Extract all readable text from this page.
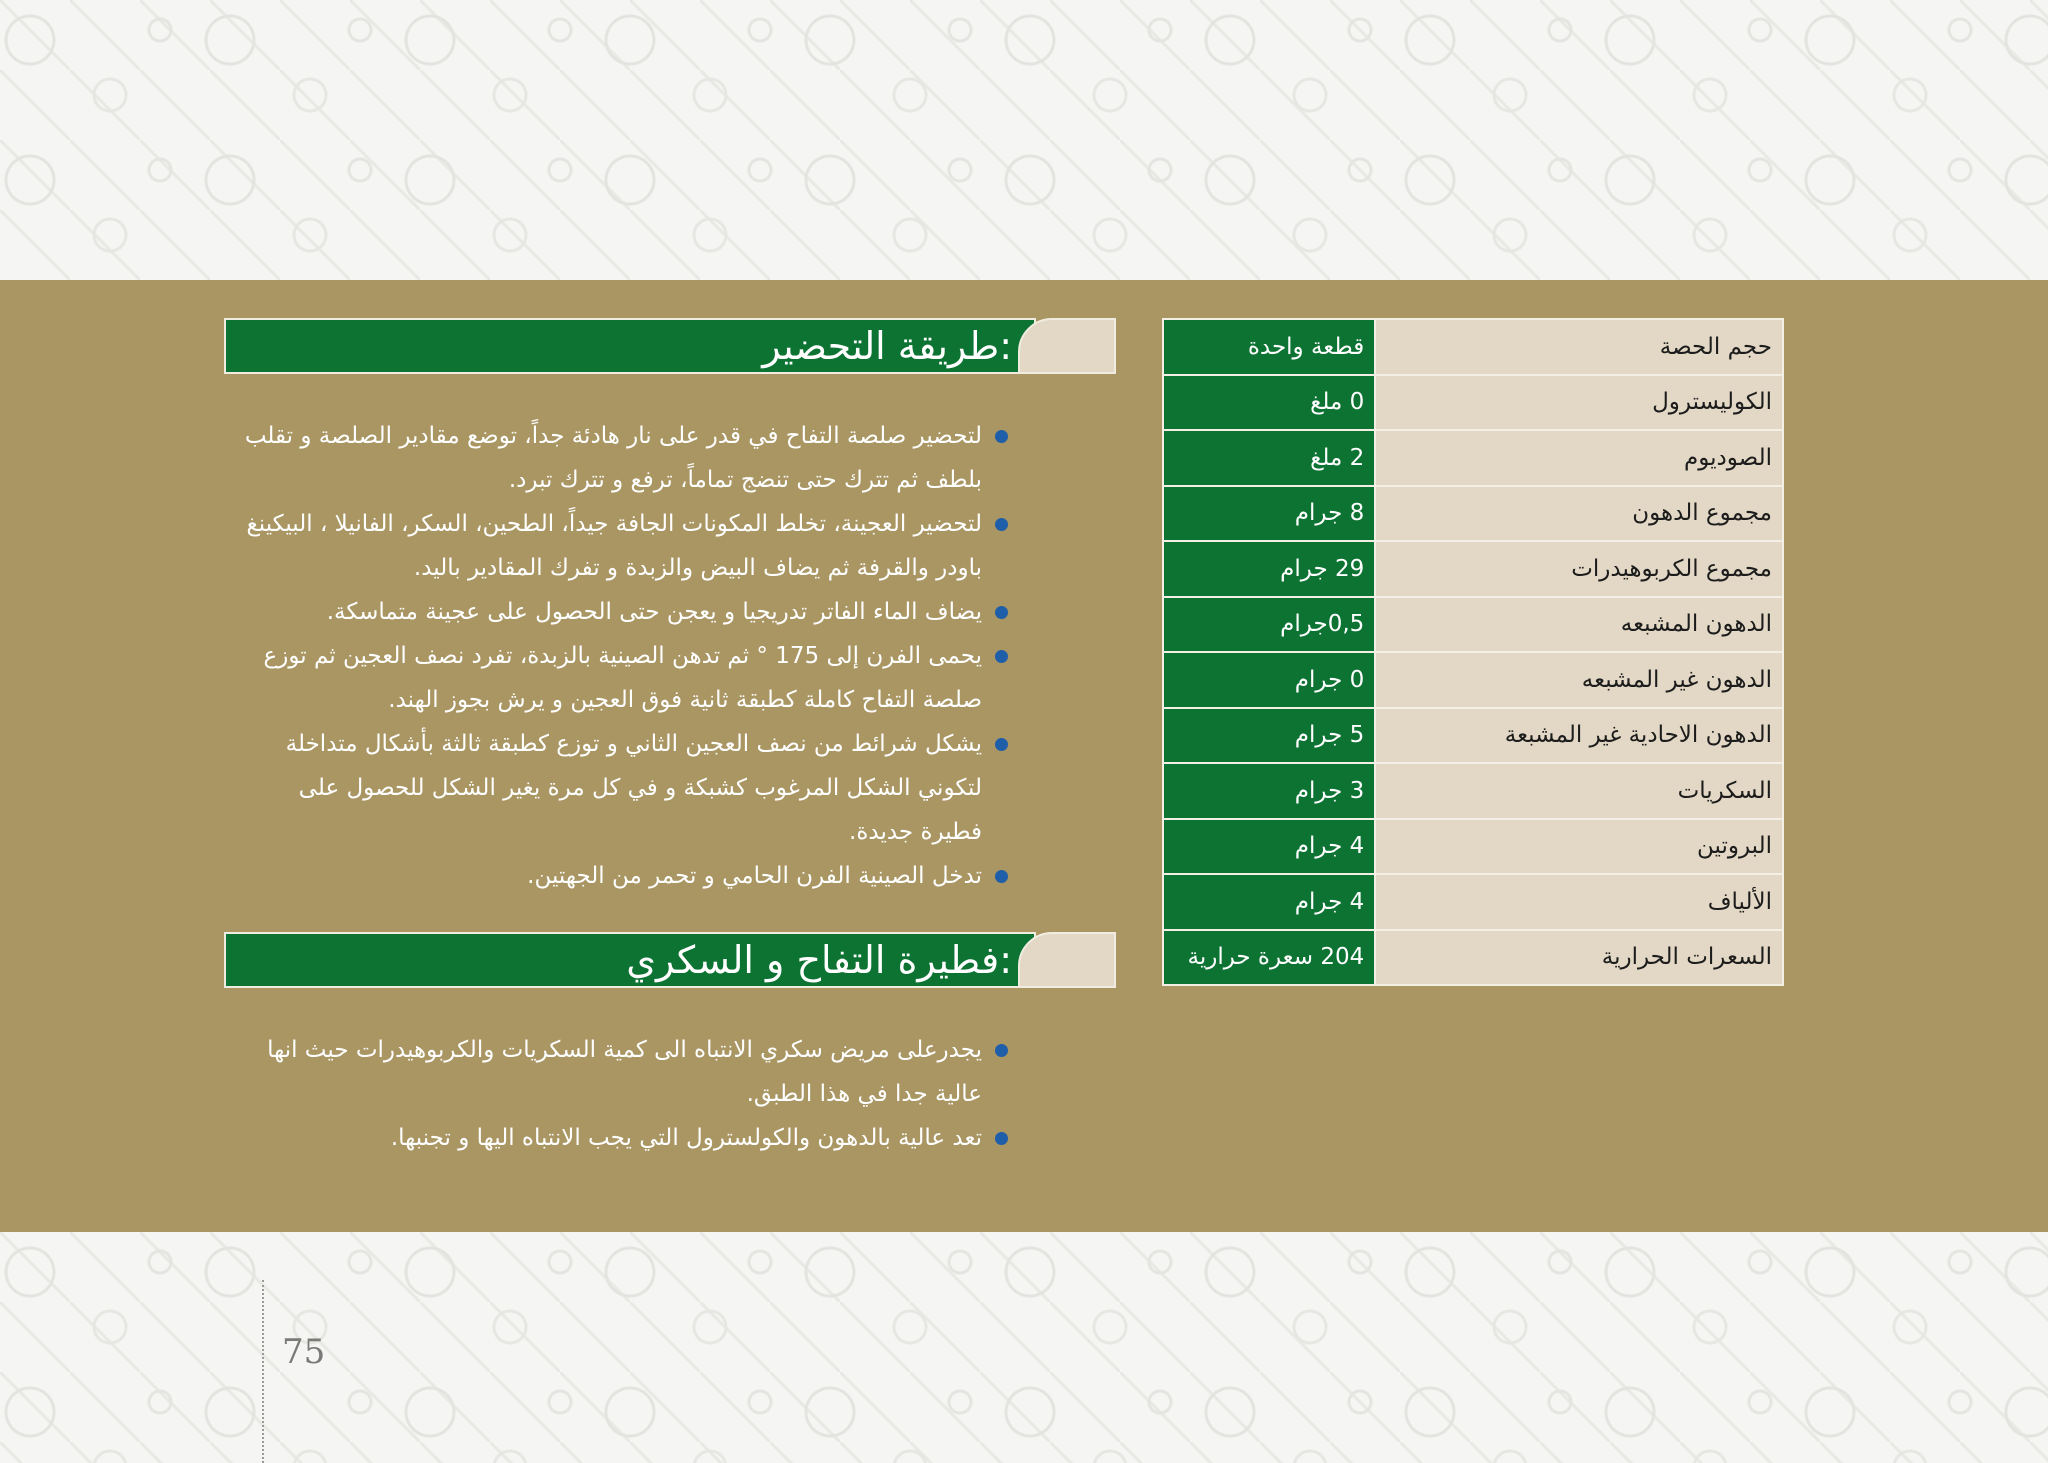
طريقة التحضير:
لتحضير صلصة التفاح في قدر على نار هادئة جداً، توضع مقادير الصلصة و تقلب بلطف ثم تترك حتى تنضج تماماً، ترفع و تترك تبرد.
لتحضير العجينة، تخلط المكونات الجافة جيداً، الطحين، السكر، الفانيلا ، البيكينغ باودر والقرفة ثم يضاف البيض والزبدة و تفرك المقادير باليد.
يضاف الماء الفاتر تدريجيا و يعجن حتى الحصول على عجينة متماسكة.
يحمى الفرن إلى 175 ° ثم تدهن الصينية بالزبدة، تفرد نصف العجين ثم توزع صلصة التفاح كاملة كطبقة ثانية فوق العجين و يرش بجوز الهند.
يشكل شرائط من نصف العجين الثاني و توزع كطبقة ثالثة بأشكال متداخلة لتكوني الشكل المرغوب كشبكة و في كل مرة يغير الشكل للحصول على فطيرة جديدة.
تدخل الصينية الفرن الحامي و تحمر من الجهتين.
فطيرة التفاح و السكري:
يجدرعلى مريض سكري الانتباه الى كمية السكريات والكربوهيدرات حيث انها عالية جدا في هذا الطبق.
تعد عالية بالدهون والكولسترول التي يجب الانتباه اليها و تجنبها.
حجم الحصة	قطعة واحدة
الكوليسترول	0 ملغ
الصوديوم	2 ملغ
مجموع الدهون	8 جرام
مجموع الكربوهيدرات	29 جرام
الدهون المشبعه	0,5جرام
الدهون غير المشبعه	0 جرام
الدهون الاحادية غير المشبعة	5 جرام
السكريات	3 جرام
البروتين	4 جرام
الألياف	4 جرام
السعرات الحرارية	204 سعرة حرارية
75
